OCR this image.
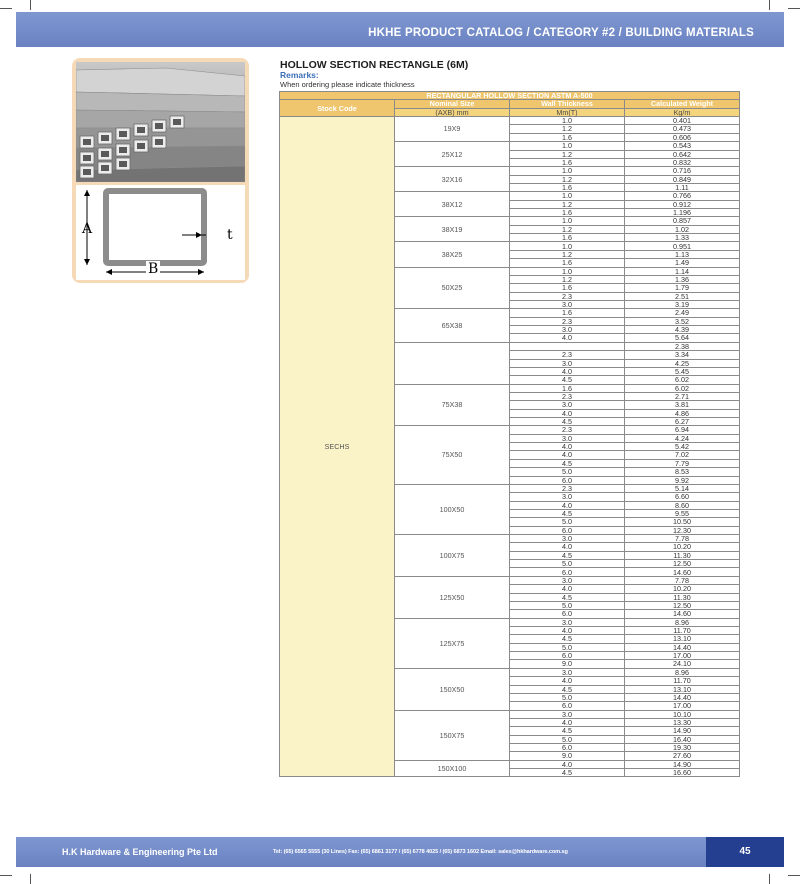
HKHE PRODUCT CATALOG / CATEGORY #2 / BUILDING MATERIALS
A
B
t
HOLLOW SECTION RECTANGLE (6M)
Remarks:
When ordering please indicate thickness
RECTANGULAR HOLLOW SECTION ASTM A-500			
Stock Code	Nominal Size	Wall Thickness	Calculated Weight
	(AXB) mm	Mm(T)	Kg/m
SECHS	19X9	1.0	0.401
		1.2	0.473
		1.6	0.606
	25X12	1.0	0.543
		1.2	0.642
		1.6	0.832
	32X16	1.0	0.716
		1.2	0.849
		1.6	1.11
	38X12	1.0	0.766
		1.2	0.912
		1.6	1.196
	38X19	1.0	0.857
		1.2	1.02
		1.6	1.33
	38X25	1.0	0.951
		1.2	1.13
		1.6	1.49
	50X25	1.0	1.14
		1.2	1.36
		1.6	1.79
		2.3	2.51
		3.0	3.19
	65X38	1.6	2.49
		2.3	3.52
		3.0	4.39
		4.0	5.64
			2.38
		2.3	3.34
		3.0	4.25
		4.0	5.45
		4.5	6.02
	75X38	1.6	6.02
		2.3	2.71
		3.0	3.81
		4.0	4.86
		4.5	6.27
	75X50	2.3	6.94
		3.0	4.24
		4.0	5.42
		4.0	7.02
		4.5	7.79
		5.0	8.53
		6.0	9.92
	100X50	2.3	5.14
		3.0	6.60
		4.0	8.60
		4.5	9.55
		5.0	10.50
		6.0	12.30
	100X75	3.0	7.78
		4.0	10.20
		4.5	11.30
		5.0	12.50
		6.0	14.60
	125X50	3.0	7.78
		4.0	10.20
		4.5	11.30
		5.0	12.50
		6.0	14.60
	125X75	3.0	8.96
		4.0	11.70
		4.5	13.10
		5.0	14.40
		6.0	17.00
		9.0	24.10
	150X50	3.0	8.96
		4.0	11.70
		4.5	13.10
		5.0	14.40
		6.0	17.00
	150X75	3.0	10.10
		4.0	13.30
		4.5	14.90
		5.0	16.40
		6.0	19.30
		9.0	27.60
	150X100	4.0	14.90
		4.5	16.60
H.K Hardware & Engineering Pte Ltd	Tel: (65) 6565 5555 (30 Lines) Fax: (65) 6861 3177 / (65) 6778 4025 / (65) 6873 1602 Email: sales@hkhardware.com.sg	45
